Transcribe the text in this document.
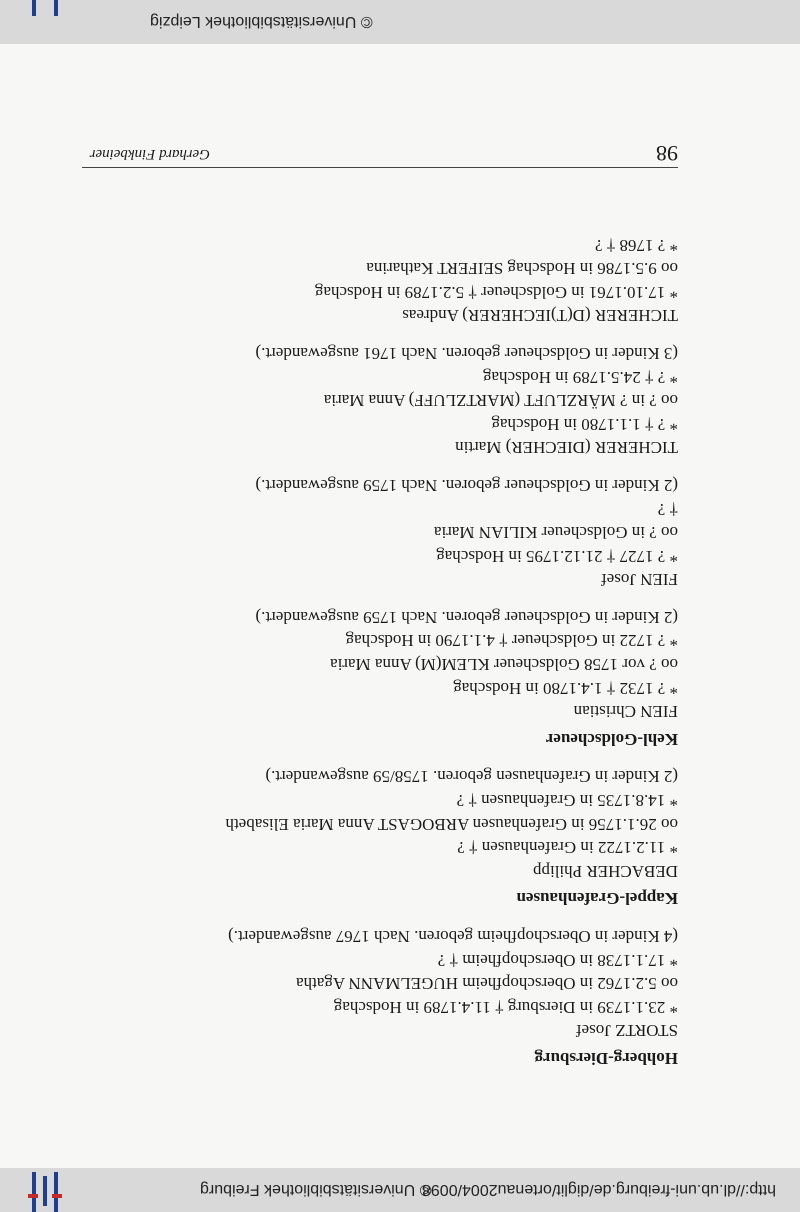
http://dl.ub.uni-freiburg.de/diglit/ortenau2004/0098
© Universitätsbibliothek Freiburg
Hohberg-Diersburg
STORTZ Josef
* 23.1.1739 in Diersburg † 11.4.1789 in Hodschag
oo 5.2.1762 in Oberschopfheim HUGELMANN Agatha
* 17.1.1738 in Oberschopfheim † ?
(4 Kinder in Oberschopfheim geboren. Nach 1767 ausgewandert.)
Kappel-Grafenhausen
DEBACHER Philipp
* 11.2.1722 in Grafenhausen † ?
oo 26.1.1756 in Grafenhausen ARBOGAST Anna Maria Elisabeth
* 14.8.1735 in Grafenhausen † ?
(2 Kinder in Grafenhausen geboren. 1758/59 ausgewandert.)
Kehl-Goldscheuer
FIEN Christian
* ? 1732 † 1.4.1780 in Hodschag
oo ? vor 1758 Goldscheuer KLEM(M) Anna Maria
* ? 1722 in Goldscheuer † 4.1.1790 in Hodschag
(2 Kinder in Goldscheuer geboren. Nach 1759 ausgewandert.)
FIEN Josef
* ? 1727 † 21.12.1795 in Hodschag
oo ? in Goldscheuer KILIAN Maria
† ?
(2 Kinder in Goldscheuer geboren. Nach 1759 ausgewandert.)
TICHERER (DIECHER) Martin
* ? † 1.1.1780 in Hodschag
oo ? in ? MÄRZLUFT (MARTZLUFF) Anna Maria
* ? † 24.5.1789 in Hodschag
(3 Kinder in Goldscheuer geboren. Nach 1761 ausgewandert.)
TICHERER (D(T)IECHERER) Andreas
* 17.10.1761 in Goldscheuer † 5.2.1789 in Hodschag
oo 9.5.1786 in Hodschag SEIFERT Katharina
* ? 1768 † ?
98
Gerhard Finkbeiner
© Universitätsbibliothek Leipzig
